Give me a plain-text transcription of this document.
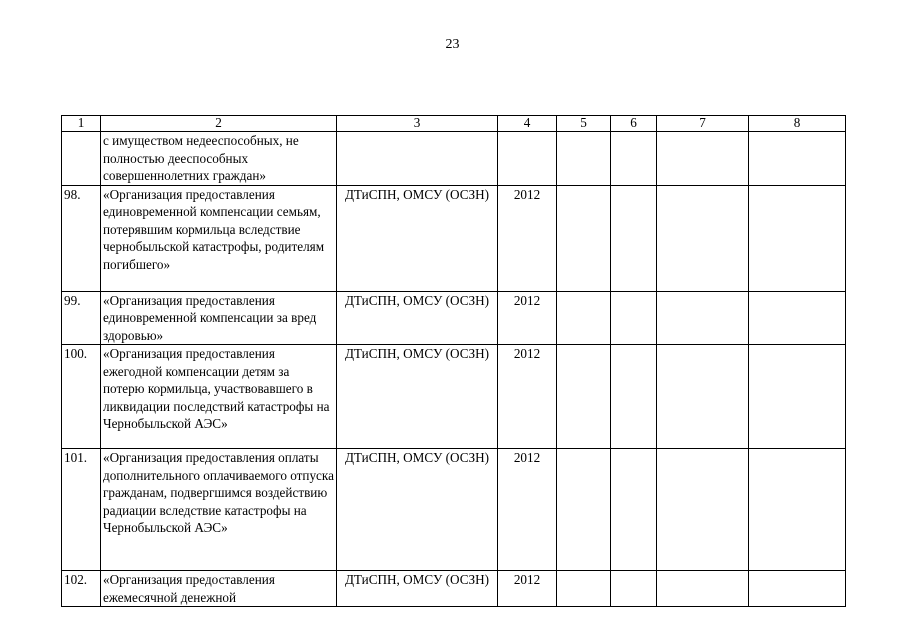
23
1	2	3	4	5	6	7	8
	с имуществом недееспособных, не полностью дееспособных совершеннолетних граждан»						
98.	«Организация предоставления единовременной компенсации семьям, потерявшим кормильца вследствие чернобыльской катастрофы, родителям погибшего»	ДТиСПН, ОМСУ (ОСЗН)	2012				
99.	«Организация предоставления единовременной компенсации за вред здоровью»	ДТиСПН, ОМСУ (ОСЗН)	2012				
100.	«Организация предоставления ежегодной компенсации детям за потерю кормильца, участвовавшего в ликвидации последствий катастрофы на Чернобыльской АЭС»	ДТиСПН, ОМСУ (ОСЗН)	2012				
101.	«Организация предоставления оплаты дополнительного оплачиваемого отпуска гражданам, подвергшимся воздействию радиации вследствие катастрофы на Чернобыльской АЭС»	ДТиСПН, ОМСУ (ОСЗН)	2012				
102.	«Организация предоставления ежемесячной денежной	ДТиСПН, ОМСУ (ОСЗН)	2012				
